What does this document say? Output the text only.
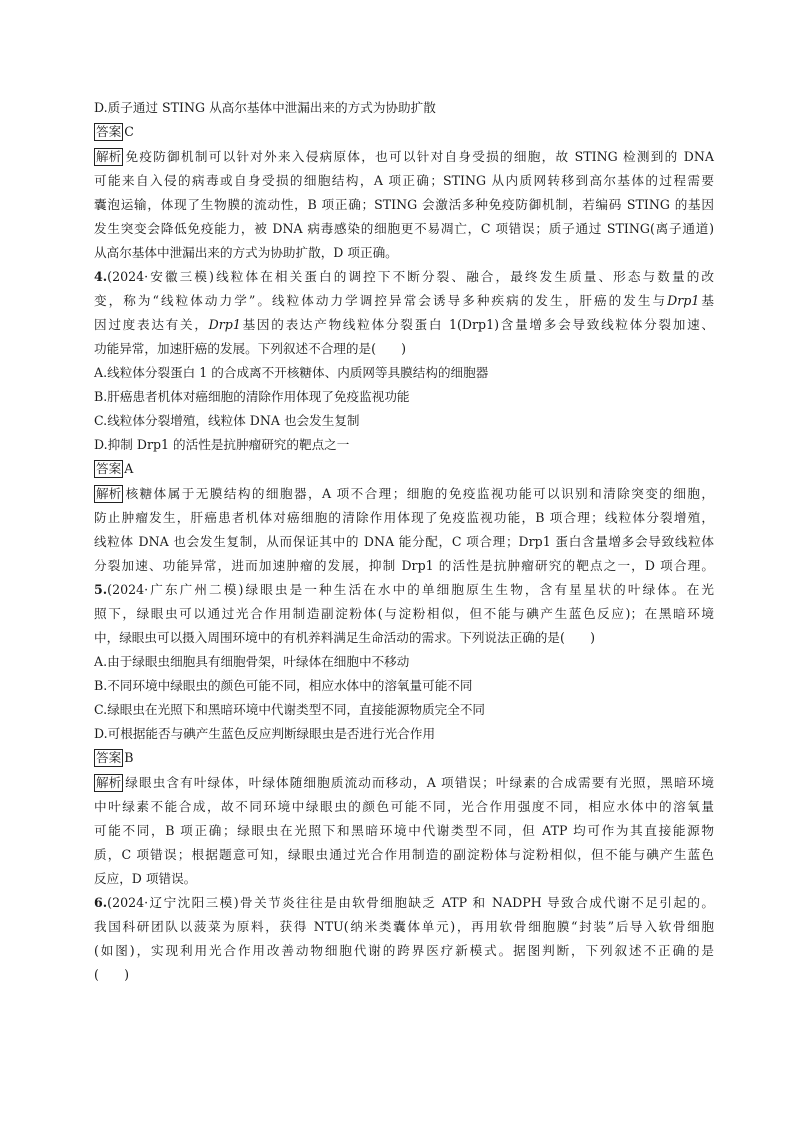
D.质子通过 STING 从高尔基体中泄漏出来的方式为协助扩散
答案 C
解析 免疫防御机制可以针对外来入侵病原体，也可以针对自身受损的细胞，故 STING 检测到的 DNA
可能来自入侵的病毒或自身受损的细胞结构，A 项正确；STING 从内质网转移到高尔基体的过程需要
囊泡运输，体现了生物膜的流动性，B 项正确；STING 会激活多种免疫防御机制，若编码 STING 的基因
发生突变会降低免疫能力，被 DNA 病毒感染的细胞更不易凋亡，C 项错误；质子通过 STING(离子通道)
从高尔基体中泄漏出来的方式为协助扩散，D 项正确。
4.(2024·安徽三模)线粒体在相关蛋白的调控下不断分裂、融合，最终发生质量、形态与数量的改
变，称为“线粒体动力学”。线粒体动力学调控异常会诱导多种疾病的发生，肝癌的发生与Drp1基
因过度表达有关，Drp1基因的表达产物线粒体分裂蛋白 1(Drp1)含量增多会导致线粒体分裂加速、
功能异常，加速肝癌的发展。下列叙述不合理的是(　　)
A.线粒体分裂蛋白 1 的合成离不开核糖体、内质网等具膜结构的细胞器
B.肝癌患者机体对癌细胞的清除作用体现了免疫监视功能
C.线粒体分裂增殖，线粒体 DNA 也会发生复制
D.抑制 Drp1 的活性是抗肿瘤研究的靶点之一
答案 A
解析 核糖体属于无膜结构的细胞器，A 项不合理；细胞的免疫监视功能可以识别和清除突变的细胞，
防止肿瘤发生，肝癌患者机体对癌细胞的清除作用体现了免疫监视功能，B 项合理；线粒体分裂增殖，
线粒体 DNA 也会发生复制，从而保证其中的 DNA 能分配，C 项合理；Drp1 蛋白含量增多会导致线粒体
分裂加速、功能异常，进而加速肿瘤的发展，抑制 Drp1 的活性是抗肿瘤研究的靶点之一，D 项合理。
5.(2024·广东广州二模)绿眼虫是一种生活在水中的单细胞原生生物，含有星星状的叶绿体。在光
照下，绿眼虫可以通过光合作用制造副淀粉体(与淀粉相似，但不能与碘产生蓝色反应)；在黑暗环境
中，绿眼虫可以摄入周围环境中的有机养料满足生命活动的需求。下列说法正确的是(　　)
A.由于绿眼虫细胞具有细胞骨架，叶绿体在细胞中不移动
B.不同环境中绿眼虫的颜色可能不同，相应水体中的溶氧量可能不同
C.绿眼虫在光照下和黑暗环境中代谢类型不同，直接能源物质完全不同
D.可根据能否与碘产生蓝色反应判断绿眼虫是否进行光合作用
答案 B
解析 绿眼虫含有叶绿体，叶绿体随细胞质流动而移动，A 项错误；叶绿素的合成需要有光照，黑暗环境
中叶绿素不能合成，故不同环境中绿眼虫的颜色可能不同，光合作用强度不同，相应水体中的溶氧量
可能不同，B 项正确；绿眼虫在光照下和黑暗环境中代谢类型不同，但 ATP 均可作为其直接能源物
质，C 项错误；根据题意可知，绿眼虫通过光合作用制造的副淀粉体与淀粉相似，但不能与碘产生蓝色
反应，D 项错误。
6.(2024·辽宁沈阳三模)骨关节炎往往是由软骨细胞缺乏 ATP 和 NADPH 导致合成代谢不足引起的。
我国科研团队以菠菜为原料，获得 NTU(纳米类囊体单元)，再用软骨细胞膜“封装”后导入软骨细胞
(如图)，实现利用光合作用改善动物细胞代谢的跨界医疗新模式。据图判断，下列叙述不正确的是
(　　)
